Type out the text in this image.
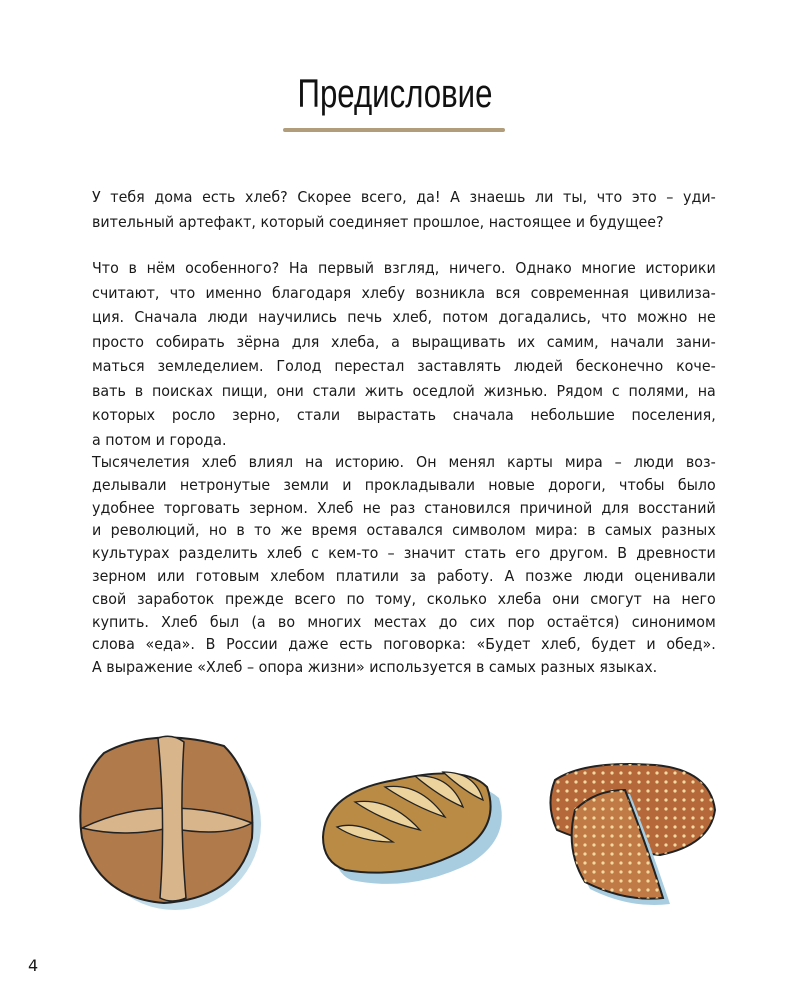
Предисловие
У тебя дома есть хлеб? Скорее всего, да! А знаешь ли ты, что это – уди-
вительный артефакт, который соединяет прошлое, настоящее и будущее?
Что в нём особенного? На первый взгляд, ничего. Однако многие историки
считают, что именно благодаря хлебу возникла вся современная цивилиза-
ция. Сначала люди научились печь хлеб, потом догадались, что можно не
просто собирать зёрна для хлеба, а выращивать их самим, начали зани-
маться земледелием. Голод перестал заставлять людей бесконечно коче-
вать в поисках пищи, они стали жить оседлой жизнью. Рядом с полями, на
которых росло зерно, стали вырастать сначала небольшие поселения,
а потом и города.
Тысячелетия хлеб влиял на историю. Он менял карты мира – люди воз-
делывали нетронутые земли и прокладывали новые дороги, чтобы было
удобнее торговать зерном. Хлеб не раз становился причиной для восстаний
и революций, но в то же время оставался символом мира: в самых разных
культурах разделить хлеб с кем-то – значит стать его другом. В древности
зерном или готовым хлебом платили за работу. А позже люди оценивали
свой заработок прежде всего по тому, сколько хлеба они смогут на него
купить. Хлеб был (а во многих местах до сих пор остаётся) синонимом
слова «еда». В России даже есть поговорка: «Будет хлеб, будет и обед».
А выражение «Хлеб – опора жизни» используется в самых разных языках.
4
